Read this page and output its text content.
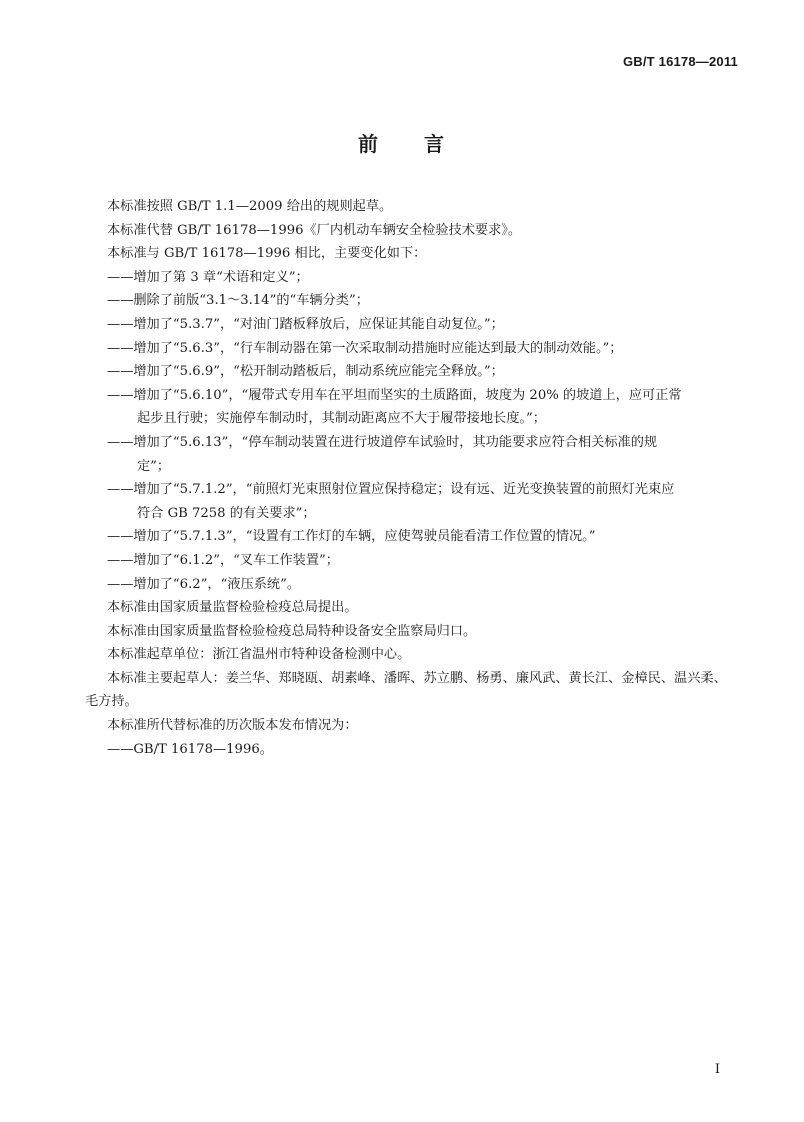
GB/T 16178—2011
前 言
本标准按照 GB/T 1.1—2009 给出的规则起草。
本标准代替 GB/T 16178—1996《厂内机动车辆安全检验技术要求》。
本标准与 GB/T 16178—1996 相比，主要变化如下：
——增加了第 3 章“术语和定义”；
——删除了前版“3.1～3.14”的“车辆分类”；
——增加了“5.3.7”，“对油门踏板释放后，应保证其能自动复位。”；
——增加了“5.6.3”，“行车制动器在第一次采取制动措施时应能达到最大的制动效能。”；
——增加了“5.6.9”，“松开制动踏板后，制动系统应能完全释放。”；
——增加了“5.6.10”，“履带式专用车在平坦而坚实的土质路面，坡度为 20% 的坡道上，应可正常
起步且行驶；实施停车制动时，其制动距离应不大于履带接地长度。”；
——增加了“5.6.13”，“停车制动装置在进行坡道停车试验时，其功能要求应符合相关标准的规
定”；
——增加了“5.7.1.2”，“前照灯光束照射位置应保持稳定；设有远、近光变换装置的前照灯光束应
符合 GB 7258 的有关要求”；
——增加了“5.7.1.3”，“设置有工作灯的车辆，应使驾驶员能看清工作位置的情况。”
——增加了“6.1.2”，“叉车工作装置”；
——增加了“6.2”，“液压系统”。
本标准由国家质量监督检验检疫总局提出。
本标准由国家质量监督检验检疫总局特种设备安全监察局归口。
本标准起草单位：浙江省温州市特种设备检测中心。
本标准主要起草人：姜兰华、郑晓瓯、胡素峰、潘晖、苏立鹏、杨勇、廉风武、黄长江、金樟民、温兴柔、
毛方持。
本标准所代替标准的历次版本发布情况为：
——GB/T 16178—1996。
I
